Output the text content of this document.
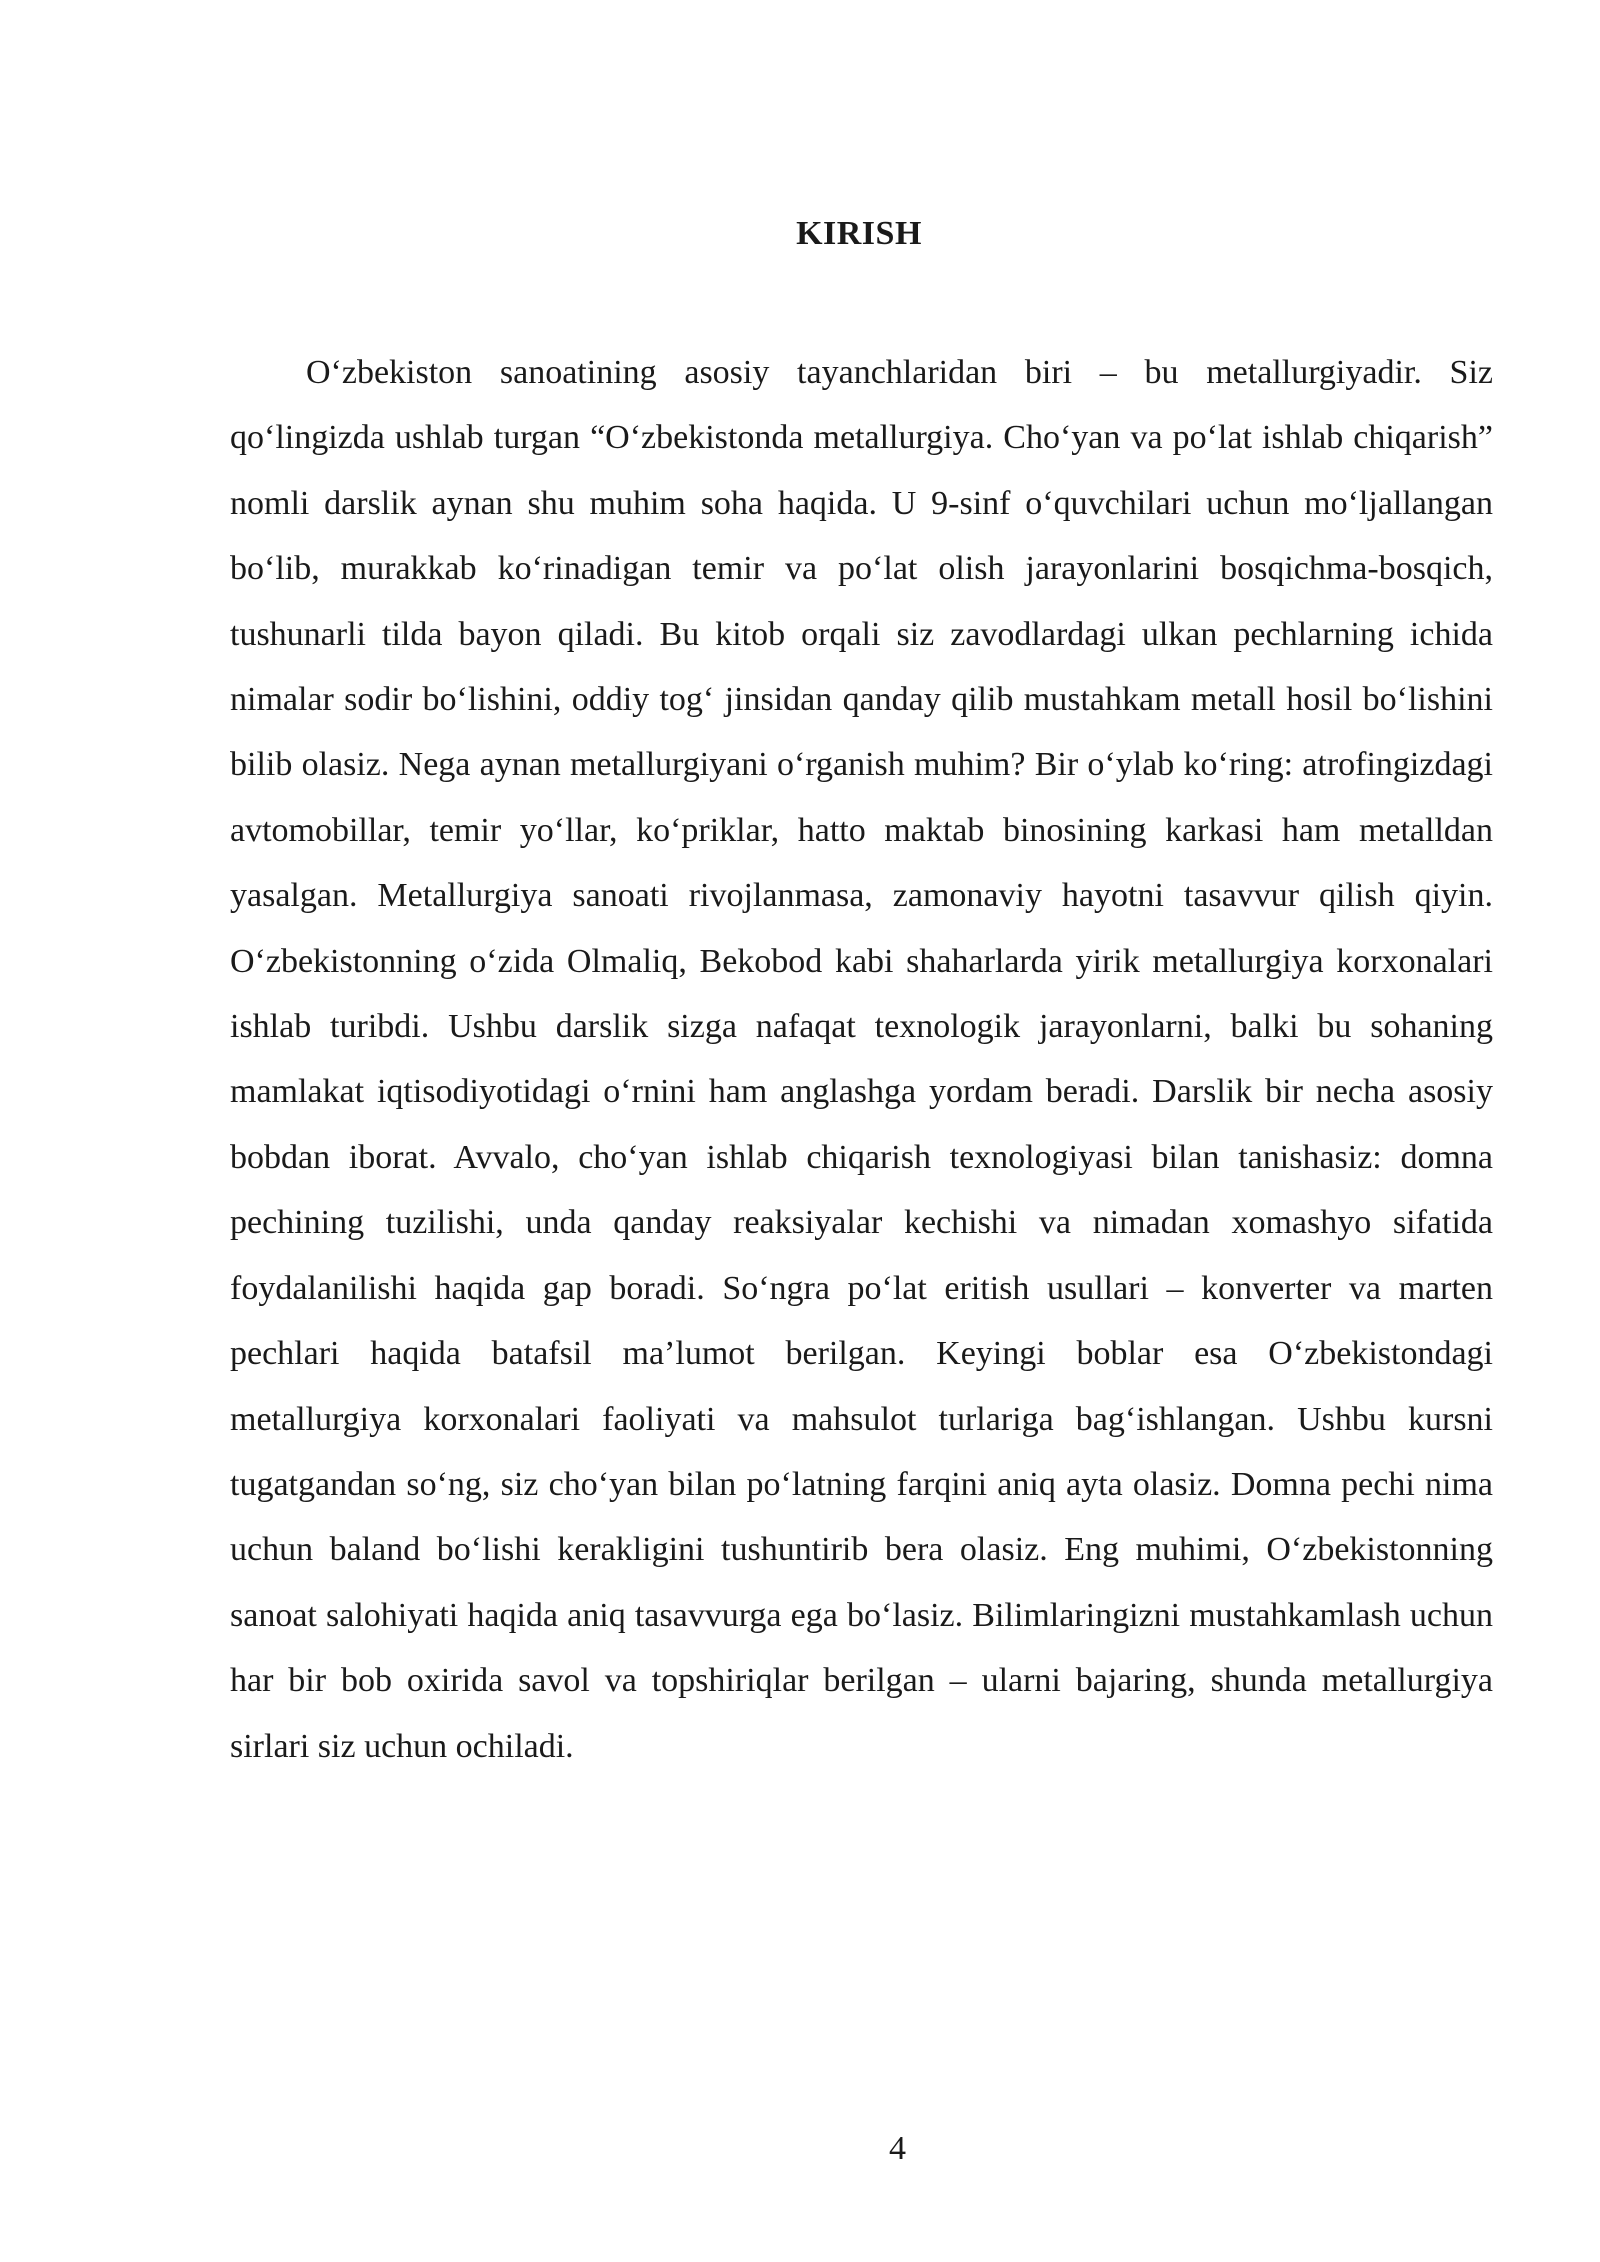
KIRISH

O‘zbekiston sanoatining asosiy tayanchlaridan biri – bu metallurgiyadir. Siz qo‘lingizda ushlab turgan “O‘zbekistonda metallurgiya. Cho‘yan va po‘lat ishlab chiqarish” nomli darslik aynan shu muhim soha haqida. U 9-sinf o‘quvchilari uchun mo‘ljallangan bo‘lib, murakkab ko‘rinadigan temir va po‘lat olish jarayonlarini bosqichma-bosqich, tushunarli tilda bayon qiladi. Bu kitob orqali siz zavodlardagi ulkan pechlarning ichida nimalar sodir bo‘lishini, oddiy tog‘ jinsidan qanday qilib mustahkam metall hosil bo‘lishini bilib olasiz. Nega aynan metallurgiyani o‘rganish muhim? Bir o‘ylab ko‘ring: atrofingizdagi avtomobillar, temir yo‘llar, ko‘priklar, hatto maktab binosining karkasi ham metalldan yasalgan. Metallurgiya sanoati rivojlanmasa, zamonaviy hayotni tasavvur qilish qiyin. O‘zbekistonning o‘zida Olmaliq, Bekobod kabi shaharlarda yirik metallurgiya korxonalari ishlab turibdi. Ushbu darslik sizga nafaqat texnologik jarayonlarni, balki bu sohaning mamlakat iqtisodiyotidagi o‘rnini ham anglashga yordam beradi. Darslik bir necha asosiy bobdan iborat. Avvalo, cho‘yan ishlab chiqarish texnologiyasi bilan tanishasiz: domna pechining tuzilishi, unda qanday reaksiyalar kechishi va nimadan xomashyo sifatida foydalanilishi haqida gap boradi. So‘ngra po‘lat eritish usullari – konverter va marten pechlari haqida batafsil ma’lumot berilgan. Keyingi boblar esa O‘zbekistondagi metallurgiya korxonalari faoliyati va mahsulot turlariga bag‘ishlangan. Ushbu kursni tugatgandan so‘ng, siz cho‘yan bilan po‘latning farqini aniq ayta olasiz. Domna pechi nima uchun baland bo‘lishi kerakligini tushuntirib bera olasiz. Eng muhimi, O‘zbekistonning sanoat salohiyati haqida aniq tasavvurga ega bo‘lasiz. Bilimlaringizni mustahkamlash uchun har bir bob oxirida savol va topshiriqlar berilgan – ularni bajaring, shunda metallurgiya sirlari siz uchun ochiladi.

4
